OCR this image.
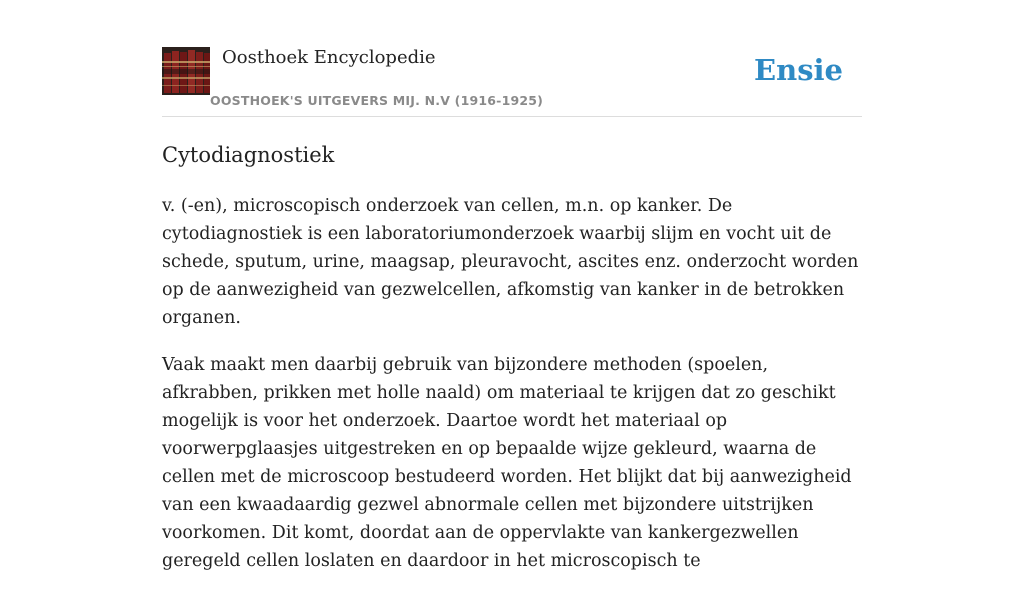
Oosthoek Encyclopedie
OOSTHOEK'S UITGEVERS MIJ. N.V (1916-1925)
Ensie
Cytodiagnostiek

v. (-en), microscopisch onderzoek van cellen, m.n. op kanker. De cytodiagnostiek is een laboratoriumonderzoek waarbij slijm en vocht uit de schede, sputum, urine, maagsap, pleuravocht, ascites enz. onderzocht worden op de aanwezigheid van gezwelcellen, afkomstig van kanker in de betrokken organen.

Vaak maakt men daarbij gebruik van bijzondere methoden (spoelen, afkrabben, prikken met holle naald) om materiaal te krijgen dat zo geschikt mogelijk is voor het onderzoek. Daartoe wordt het materiaal op voorwerpglaasjes uitgestreken en op bepaalde wijze gekleurd, waarna de cellen met de microscoop bestudeerd worden. Het blijkt dat bij aanwezigheid van een kwaadaardig gezwel abnormale cellen met bijzondere uitstrijken voorkomen. Dit komt, doordat aan de oppervlakte van kankergezwellen geregeld cellen loslaten en daardoor in het microscopisch te
